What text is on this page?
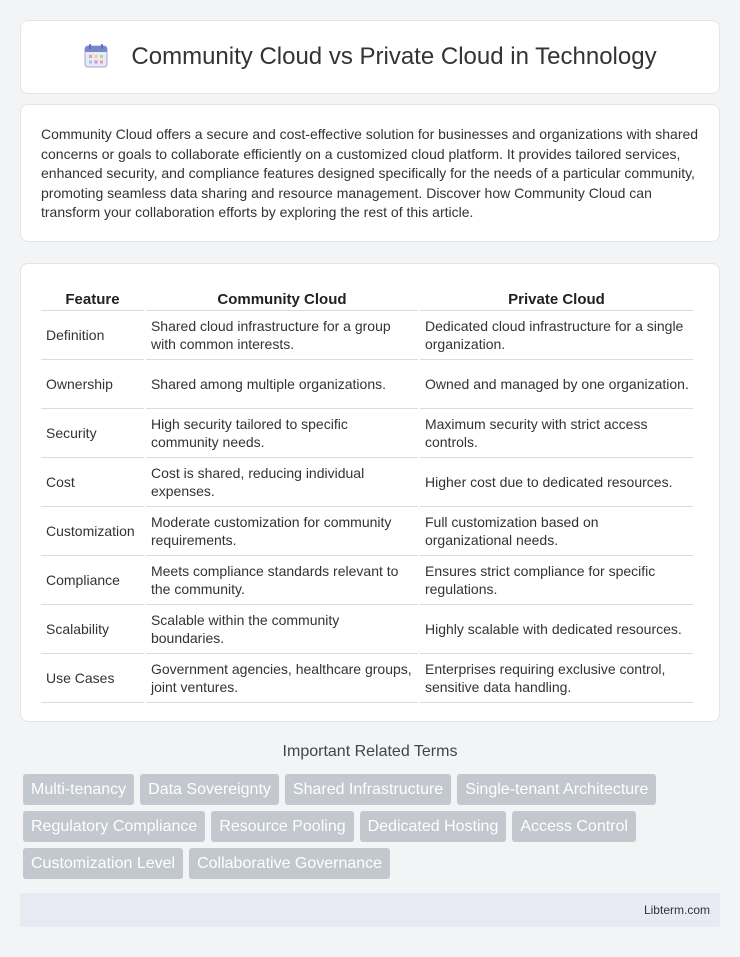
Community Cloud vs Private Cloud in Technology

Community Cloud offers a secure and cost-effective solution for businesses and organizations with shared concerns or goals to collaborate efficiently on a customized cloud platform. It provides tailored services, enhanced security, and compliance features designed specifically for the needs of a particular community, promoting seamless data sharing and resource management. Discover how Community Cloud can transform your collaboration efforts by exploring the rest of this article.

Feature	Community Cloud	Private Cloud
Definition	Shared cloud infrastructure for a group with common interests.	Dedicated cloud infrastructure for a single organization.
Ownership	Shared among multiple organizations.	Owned and managed by one organization.
Security	High security tailored to specific community needs.	Maximum security with strict access controls.
Cost	Cost is shared, reducing individual expenses.	Higher cost due to dedicated resources.
Customization	Moderate customization for community requirements.	Full customization based on organizational needs.
Compliance	Meets compliance standards relevant to the community.	Ensures strict compliance for specific regulations.
Scalability	Scalable within the community boundaries.	Highly scalable with dedicated resources.
Use Cases	Government agencies, healthcare groups, joint ventures.	Enterprises requiring exclusive control, sensitive data handling.
Important Related Terms
Multi-tenancy	Data Sovereignty	Shared Infrastructure	Single-tenant Architecture
Regulatory Compliance	Resource Pooling	Dedicated Hosting	Access Control
Customization Level	Collaborative Governance
Libterm.com
